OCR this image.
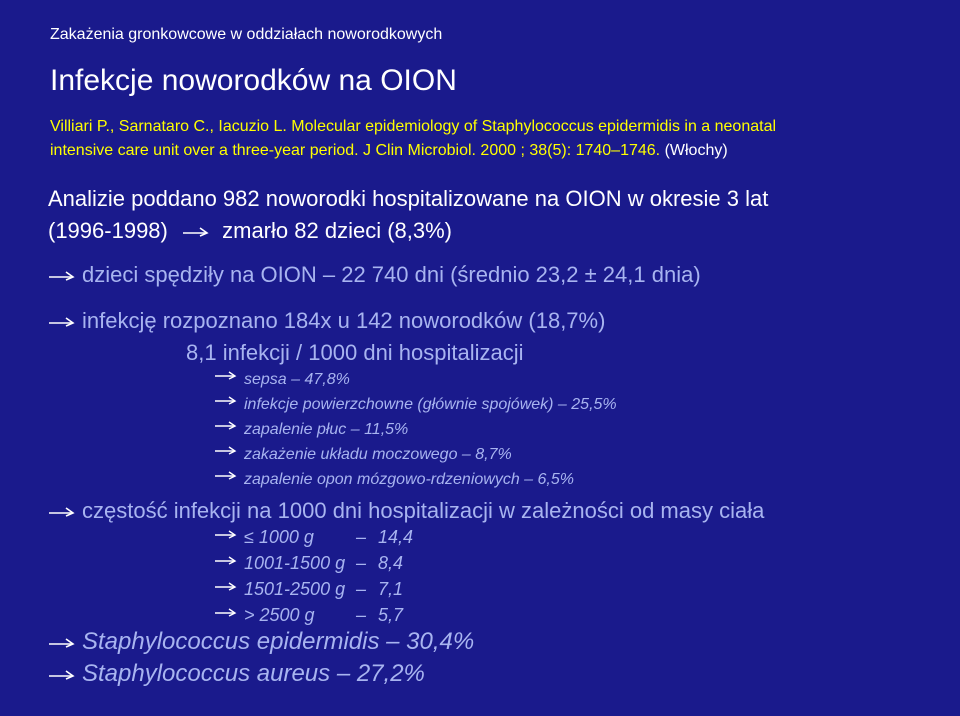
Zakażenia gronkowcowe w oddziałach noworodkowych
Infekcje noworodków na OION
Villiari P., Sarnataro C., Iacuzio L. Molecular epidemiology of Staphylococcus epidermidis in a neonatal
intensive care unit over a three-year period. J Clin Microbiol. 2000 ; 38(5): 1740–1746. (Włochy)
Analizie poddano 982 noworodki hospitalizowane na OION w okresie 3 lat
(1996-1998) zmarło 82 dzieci (8,3%)
dzieci spędziły na OION – 22 740 dni (średnio 23,2 ± 24,1 dnia)
infekcję rozpoznano 184x u 142 noworodków (18,7%)
8,1 infekcji / 1000 dni hospitalizacji
sepsa – 47,8%
infekcje powierzchowne (głównie spojówek) – 25,5%
zapalenie płuc – 11,5%
zakażenie układu moczowego – 8,7%
zapalenie opon mózgowo-rdzeniowych – 6,5%
częstość infekcji na 1000 dni hospitalizacji w zależności od masy ciała
≤ 1000 g	– 14,4
1001-1500 g – 8,4
1501-2500 g – 7,1
> 2500 g	– 5,7
Staphylococcus epidermidis – 30,4%
Staphylococcus aureus – 27,2%
